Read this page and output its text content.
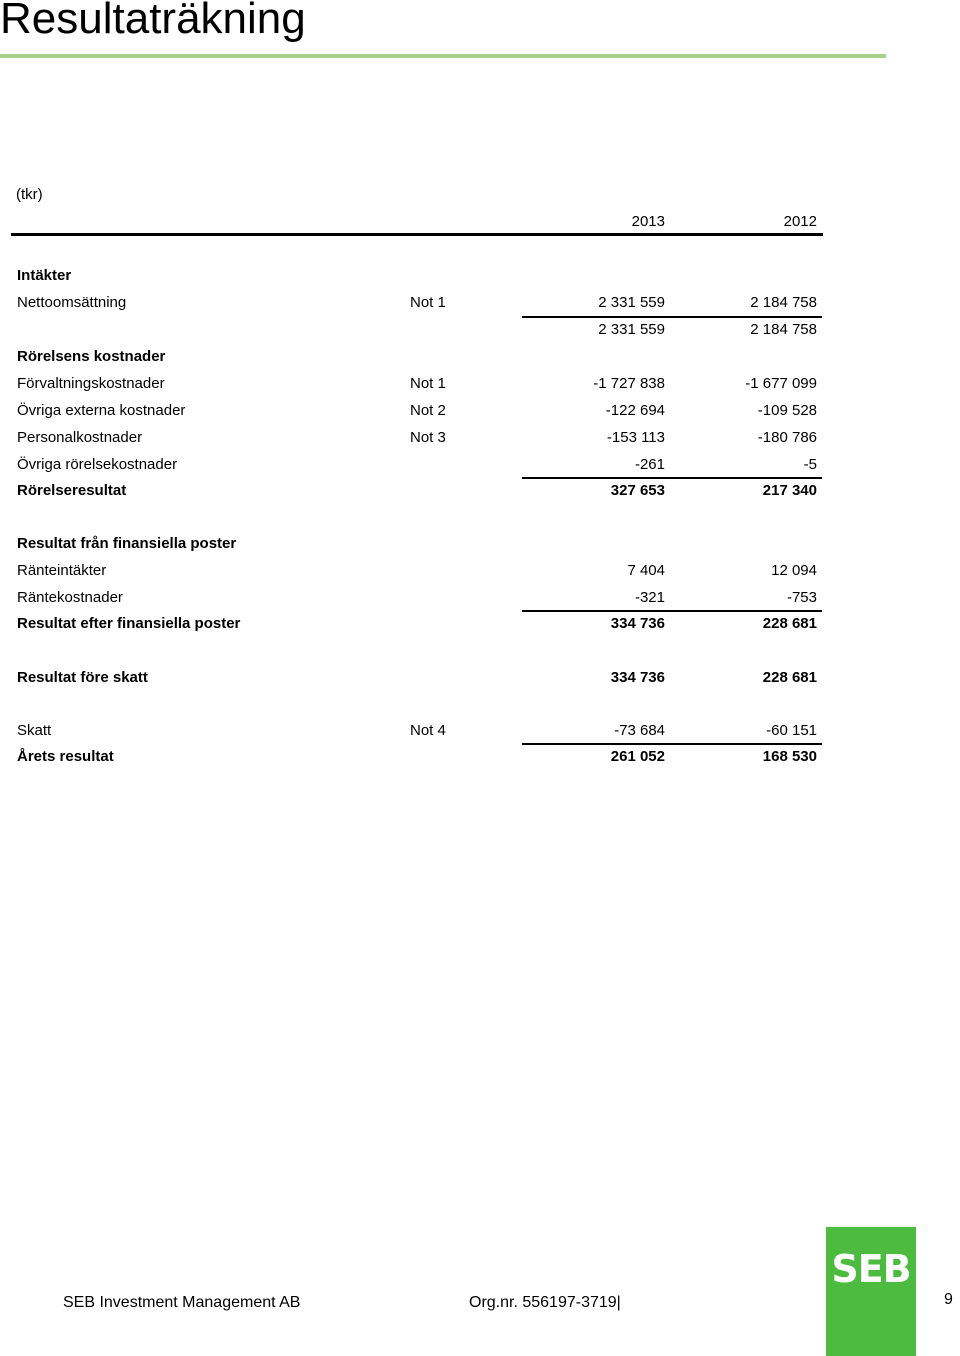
Resultaträkning
(tkr)
2013	2012
Intäkter
Nettoomsättning	Not 1	2 331 559	2 184 758
2 331 559	2 184 758
Rörelsens kostnader
Förvaltningskostnader	Not 1	-1 727 838	-1 677 099
Övriga externa kostnader	Not 2	-122 694	-109 528
Personalkostnader	Not 3	-153 113	-180 786
Övriga rörelsekostnader	-261	-5
Rörelseresultat	327 653	217 340
Resultat från finansiella poster
Ränteintäkter	7 404	12 094
Räntekostnader	-321	-753
Resultat efter finansiella poster	334 736	228 681
Resultat före skatt	334 736	228 681
Skatt	Not 4	-73 684	-60 151
Årets resultat	261 052	168 530
SEB
SEB Investment Management AB	Org.nr. 556197-3719|	9
